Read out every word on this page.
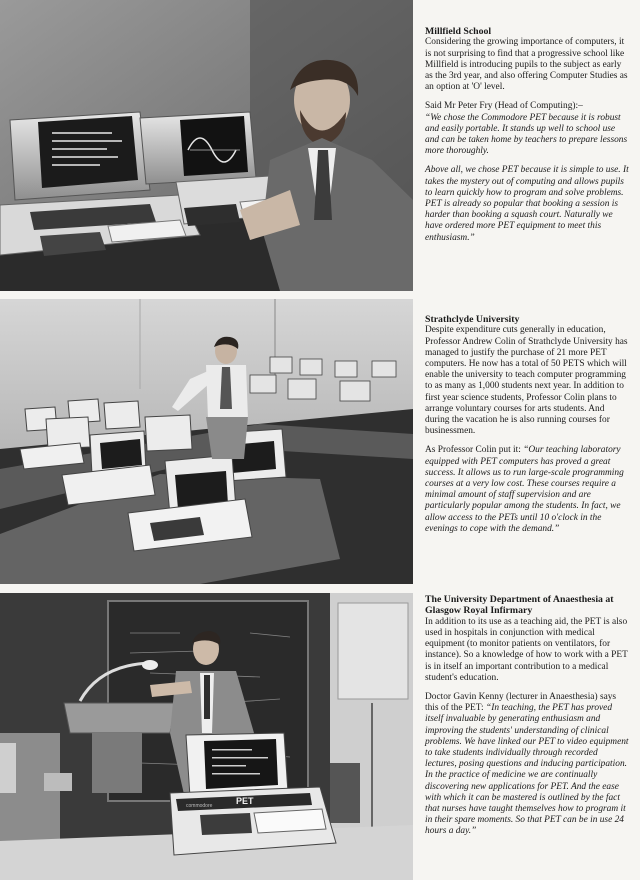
Millfield School

Considering the growing importance of computers, it is not surprising to find that a progressive school like Millfield is introducing pupils to the subject as early as the 3rd year, and also offering Computer Studies as an option at 'O' level.

Said Mr Peter Fry (Head of Computing):–
“We chose the Commodore PET because it is robust and easily portable. It stands up well to school use and can be taken home by teachers to prepare lessons more thoroughly.

Above all, we chose PET because it is simple to use. It takes the mystery out of computing and allows pupils to learn quickly how to program and solve problems. PET is already so popular that booking a session is harder than booking a squash court. Naturally we have ordered more PET equipment to meet this enthusiasm.”

Strathclyde University

Despite expenditure cuts generally in education, Professor Andrew Colin of Strathclyde University has managed to justify the purchase of 21 more PET computers. He now has a total of 50 PETS which will enable the university to teach computer programming to as many as 1,000 students next year. In addition to first year science students, Professor Colin plans to arrange voluntary courses for arts students. And during the vacation he is also running courses for businessmen.

As Professor Colin put it: “Our teaching laboratory equipped with PET computers has proved a great success. It allows us to run large-scale programming courses at a very low cost. These courses require a minimal amount of staff supervision and are particularly popular among the students. In fact, we allow access to the PETs until 10 o'clock in the evenings to cope with the demand.”

PET
commodore
The University Department of Anaesthesia at Glasgow Royal Infirmary

In addition to its use as a teaching aid, the PET is also used in hospitals in conjunction with medical equipment (to monitor patients on ventilators, for instance). So a knowledge of how to work with a PET is in itself an important contribution to a medical student's education.

Doctor Gavin Kenny (lecturer in Anaesthesia) says this of the PET: “In teaching, the PET has proved itself invaluable by generating enthusiasm and improving the students' understanding of clinical problems. We have linked our PET to video equipment to take students individually through recorded lectures, posing questions and inducing participation. In the practice of medicine we are continually discovering new applications for PET. And the ease with which it can be mastered is outlined by the fact that nurses have taught themselves how to program it in their spare moments. So that PET can be in use 24 hours a day.”
